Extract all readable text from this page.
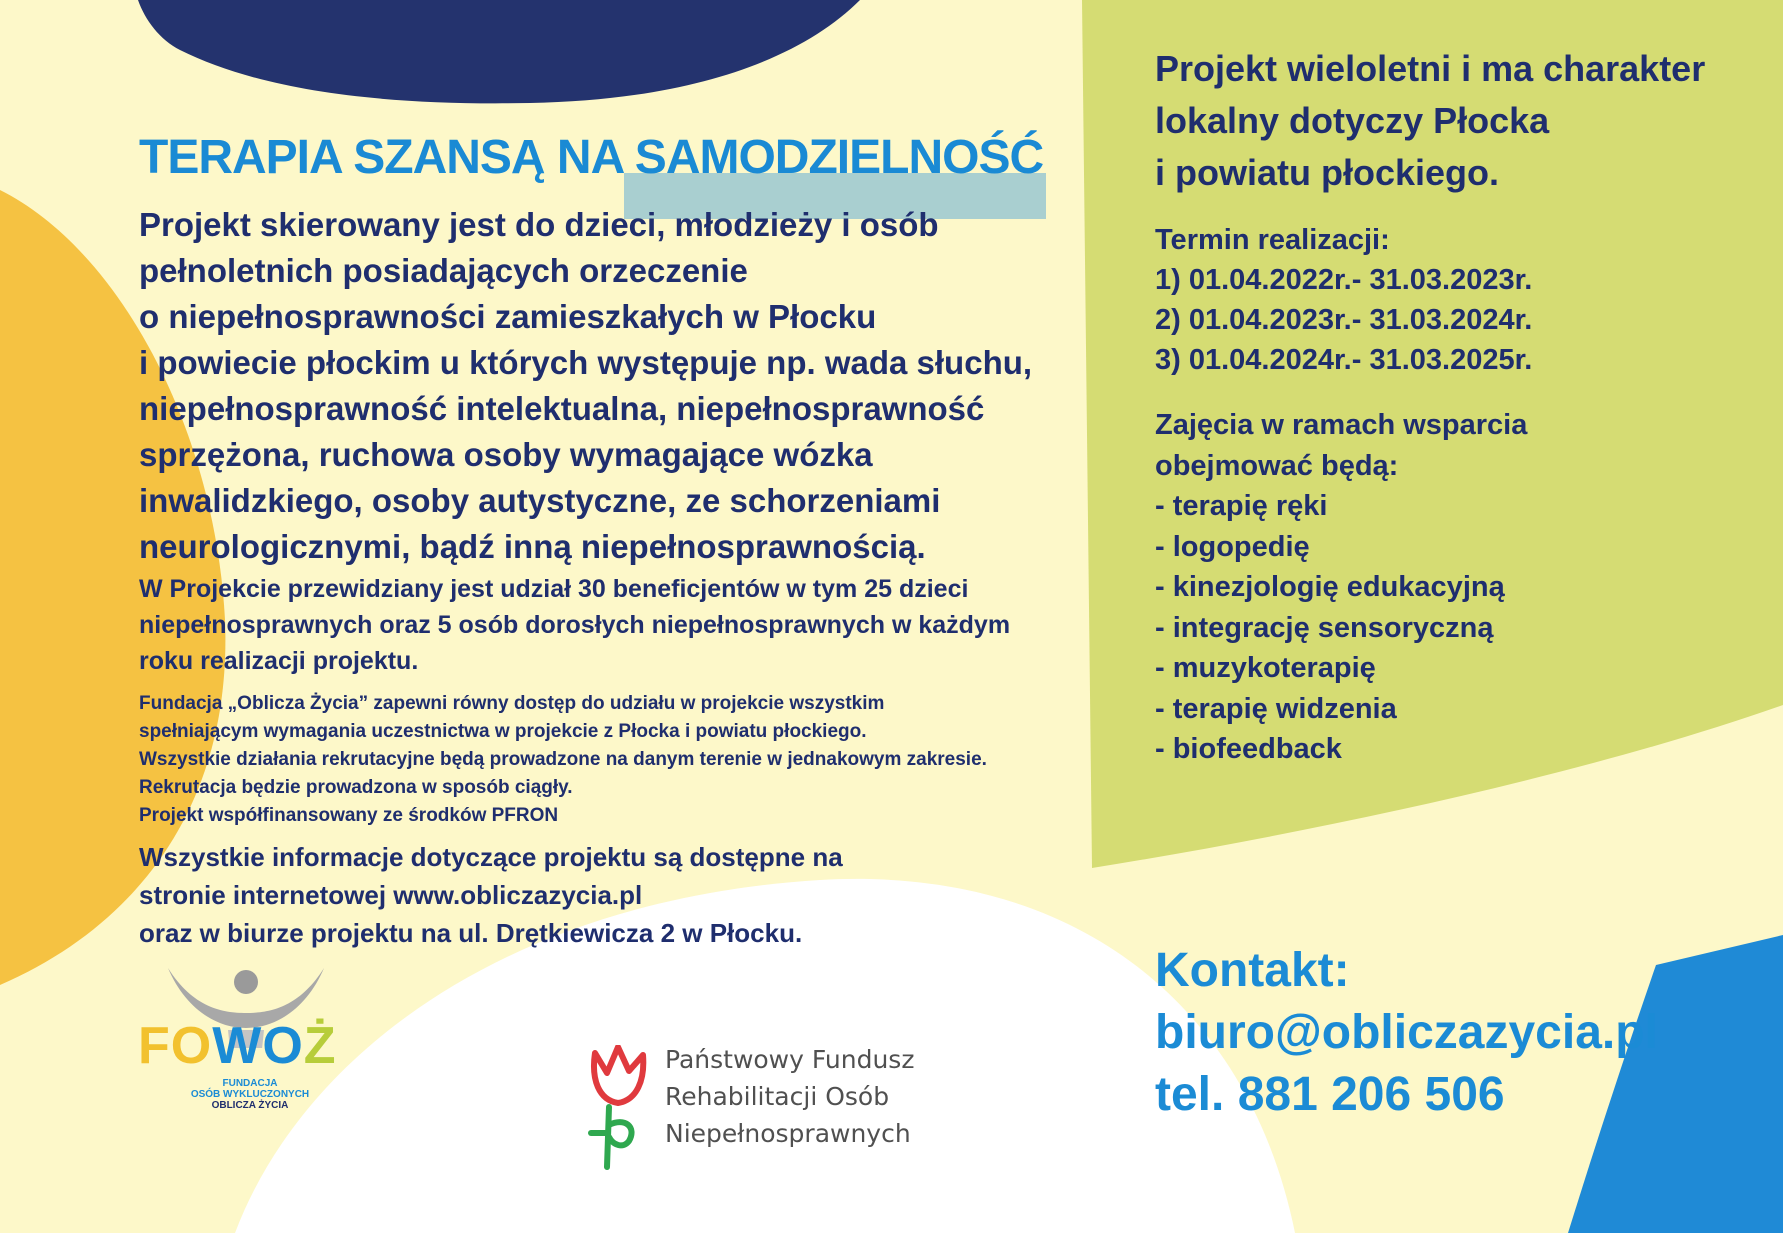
TERAPIA SZANSĄ NA SAMODZIELNOŚĆ
Projekt skierowany jest do dzieci, młodzieży i osób
pełnoletnich posiadających orzeczenie
o niepełnosprawności zamieszkałych w Płocku
i powiecie płockim u których występuje np. wada słuchu,
niepełnosprawność intelektualna, niepełnosprawność
sprzężona, ruchowa osoby wymagające wózka
inwalidzkiego, osoby autystyczne, ze schorzeniami
neurologicznymi, bądź inną niepełnosprawnością.
W Projekcie przewidziany jest udział 30 beneficjentów w tym 25 dzieci
niepełnosprawnych oraz 5 osób dorosłych niepełnosprawnych w każdym
roku realizacji projektu.
Fundacja „Oblicza Życia” zapewni równy dostęp do udziału w projekcie wszystkim
spełniającym wymagania uczestnictwa w projekcie z Płocka i powiatu płockiego.
Wszystkie działania rekrutacyjne będą prowadzone na danym terenie w jednakowym zakresie.
Rekrutacja będzie prowadzona w sposób ciągły.
Projekt współfinansowany ze środków PFRON
Wszystkie informacje dotyczące projektu są dostępne na
stronie internetowej www.obliczazycia.pl
oraz w biurze projektu na ul. Drętkiewicza 2 w Płocku.
Projekt wieloletni i ma charakter
lokalny dotyczy Płocka
i powiatu płockiego.
Termin realizacji:
1) 01.04.2022r.- 31.03.2023r.
2) 01.04.2023r.- 31.03.2024r.
3) 01.04.2024r.- 31.03.2025r.
Zajęcia w ramach wsparcia
obejmować będą:
- terapię ręki
- logopedię
- kinezjologię edukacyjną
- integrację sensoryczną
- muzykoterapię
- terapię widzenia
- biofeedback
Kontakt:
biuro@obliczazycia.pl
tel. 881 206 506
FOWOŻ
FUNDACJA
OSÓB WYKLUCZONYCH
OBLICZA ŻYCIA
Państwowy Fundusz
Rehabilitacji Osób
Niepełnosprawnych
